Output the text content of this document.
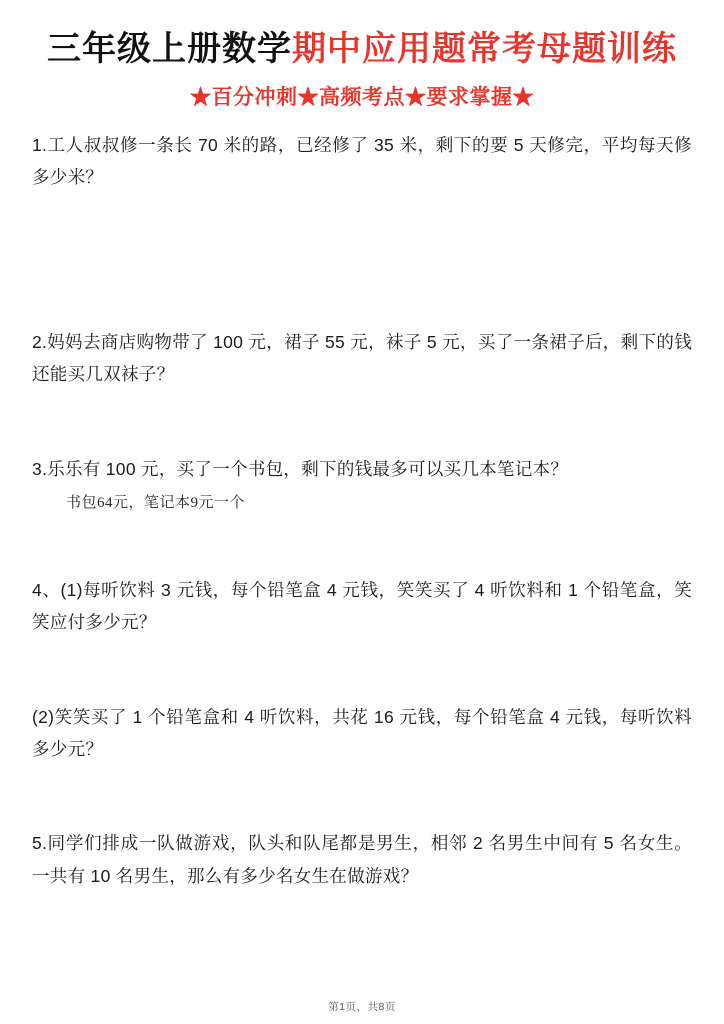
三年级上册数学期中应用题常考母题训练
★百分冲刺★高频考点★要求掌握★
1.工人叔叔修一条长 70 米的路，已经修了 35 米，剩下的要 5 天修完，平均每天修多少米？
2.妈妈去商店购物带了 100 元，裙子 55 元，袜子 5 元，买了一条裙子后，剩下的钱还能买几双袜子？
3.乐乐有 100 元，买了一个书包，剩下的钱最多可以买几本笔记本？
书包64元，笔记本9元一个
4、(1)每听饮料 3 元钱，每个铅笔盒 4 元钱，笑笑买了 4 听饮料和 1 个铅笔盒，笑笑应付多少元？
(2)笑笑买了 1 个铅笔盒和 4 听饮料，共花 16 元钱，每个铅笔盒 4 元钱，每听饮料多少元？
5.同学们排成一队做游戏，队头和队尾都是男生，相邻 2 名男生中间有 5 名女生。一共有 10 名男生，那么有多少名女生在做游戏？
第1页，共8页
